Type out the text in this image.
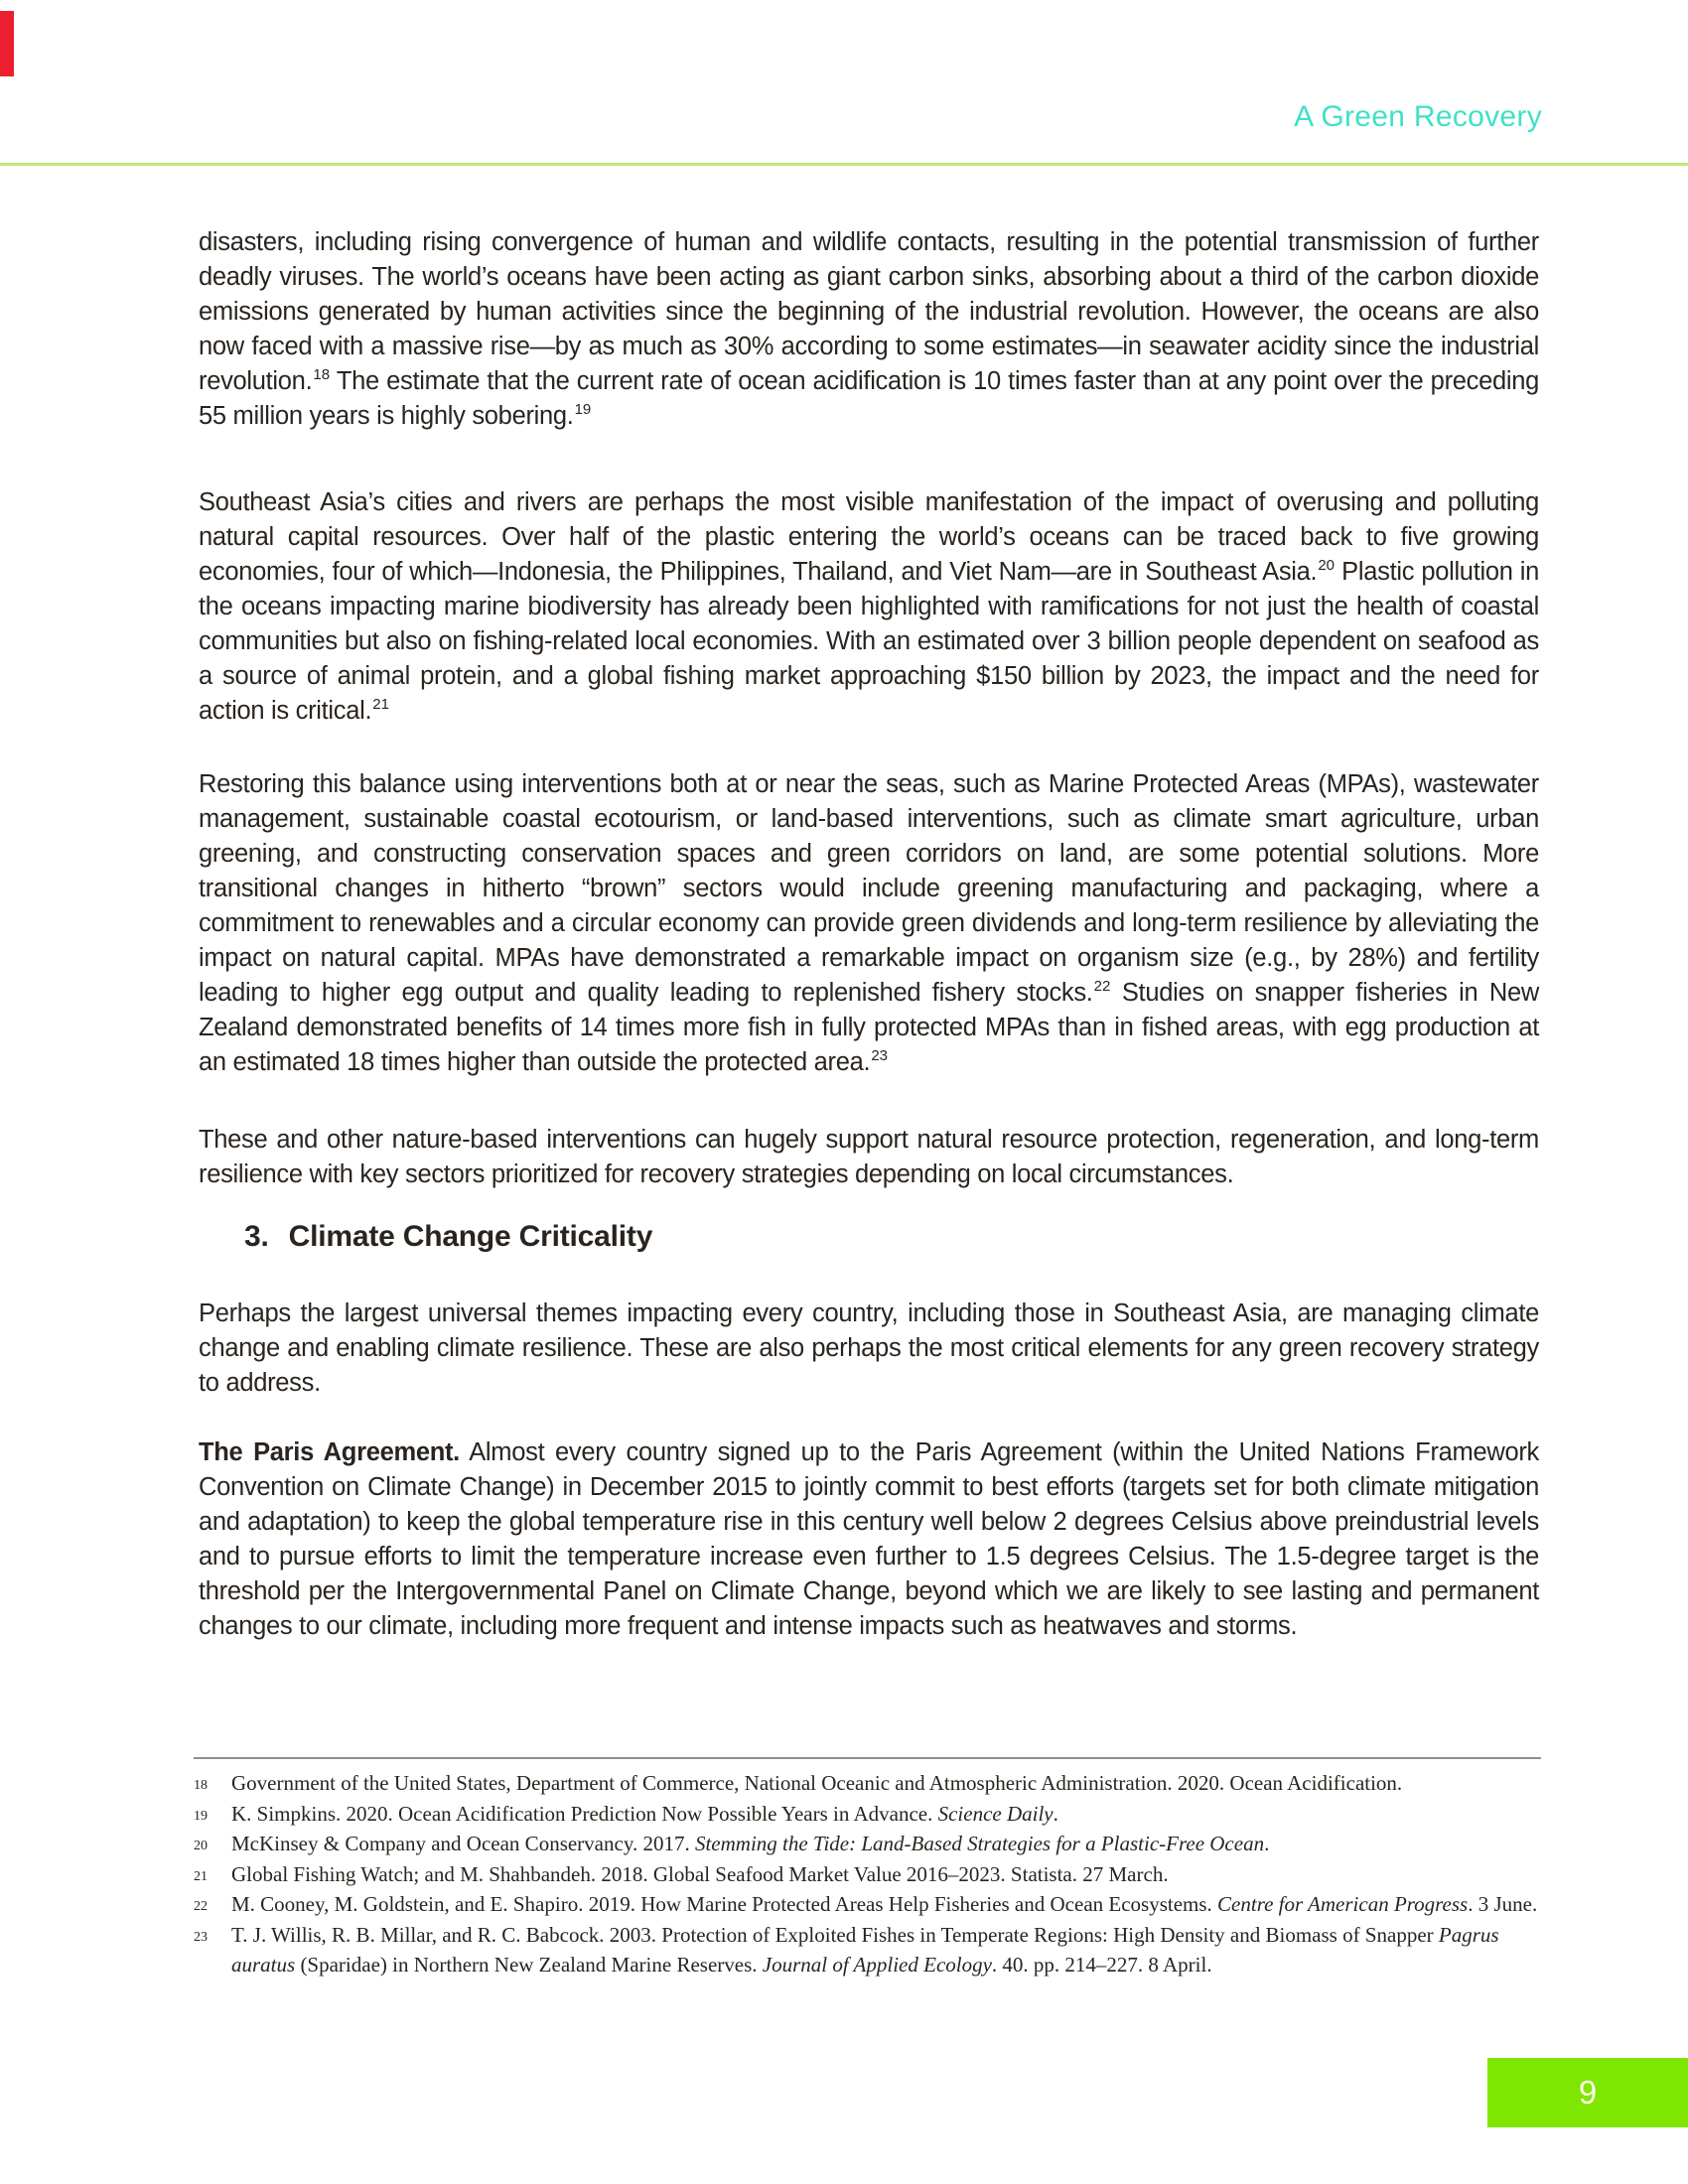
A Green Recovery

disasters, including rising convergence of human and wildlife contacts, resulting in the potential transmission of further deadly viruses. The world’s oceans have been acting as giant carbon sinks, absorbing about a third of the carbon dioxide emissions generated by human activities since the beginning of the industrial revolution. However, the oceans are also now faced with a massive rise—by as much as 30% according to some estimates—in seawater acidity since the industrial revolution.$^{18}$ The estimate that the current rate of ocean acidification is 10 times faster than at any point over the preceding 55 million years is highly sobering.$^{19}$

Southeast Asia’s cities and rivers are perhaps the most visible manifestation of the impact of overusing and polluting natural capital resources. Over half of the plastic entering the world’s oceans can be traced back to five growing economies, four of which—Indonesia, the Philippines, Thailand, and Viet Nam—are in Southeast Asia.$^{20}$ Plastic pollution in the oceans impacting marine biodiversity has already been highlighted with ramifications for not just the health of coastal communities but also on fishing-related local economies. With an estimated over 3 billion people dependent on seafood as a source of animal protein, and a global fishing market approaching $150 billion by 2023, the impact and the need for action is critical.$^{21}$

Restoring this balance using interventions both at or near the seas, such as Marine Protected Areas (MPAs), wastewater management, sustainable coastal ecotourism, or land-based interventions, such as climate smart agriculture, urban greening, and constructing conservation spaces and green corridors on land, are some potential solutions. More transitional changes in hitherto “brown” sectors would include greening manufacturing and packaging, where a commitment to renewables and a circular economy can provide green dividends and long-term resilience by alleviating the impact on natural capital. MPAs have demonstrated a remarkable impact on organism size (e.g., by 28%) and fertility leading to higher egg output and quality leading to replenished fishery stocks.$^{22}$ Studies on snapper fisheries in New Zealand demonstrated benefits of 14 times more fish in fully protected MPAs than in fished areas, with egg production at an estimated 18 times higher than outside the protected area.$^{23}$

These and other nature-based interventions can hugely support natural resource protection, regeneration, and long-term resilience with key sectors prioritized for recovery strategies depending on local circumstances.

Perhaps the largest universal themes impacting every country, including those in Southeast Asia, are managing climate change and enabling climate resilience. These are also perhaps the most critical elements for any green recovery strategy to address.

The Paris Agreement. Almost every country signed up to the Paris Agreement (within the United Nations Framework Convention on Climate Change) in December 2015 to jointly commit to best efforts (targets set for both climate mitigation and adaptation) to keep the global temperature rise in this century well below 2 degrees Celsius above preindustrial levels and to pursue efforts to limit the temperature increase even further to 1.5 degrees Celsius. The 1.5-degree target is the threshold per the Intergovernmental Panel on Climate Change, beyond which we are likely to see lasting and permanent changes to our climate, including more frequent and intense impacts such as heatwaves and storms.

3. Climate Change Criticality
18 Government of the United States, Department of Commerce, National Oceanic and Atmospheric Administration. 2020. Ocean Acidification.
19 K. Simpkins. 2020. Ocean Acidification Prediction Now Possible Years in Advance. Science Daily.
20 McKinsey & Company and Ocean Conservancy. 2017. Stemming the Tide: Land-Based Strategies for a Plastic-Free Ocean.
21 Global Fishing Watch; and M. Shahbandeh. 2018. Global Seafood Market Value 2016–2023. Statista. 27 March.
22 M. Cooney, M. Goldstein, and E. Shapiro. 2019. How Marine Protected Areas Help Fisheries and Ocean Ecosystems. Centre for American Progress. 3 June.
23 T. J. Willis, R. B. Millar, and R. C. Babcock. 2003. Protection of Exploited Fishes in Temperate Regions: High Density and Biomass of Snapper Pagrus auratus (Sparidae) in Northern New Zealand Marine Reserves. Journal of Applied Ecology. 40. pp. 214–227. 8 April.
9
